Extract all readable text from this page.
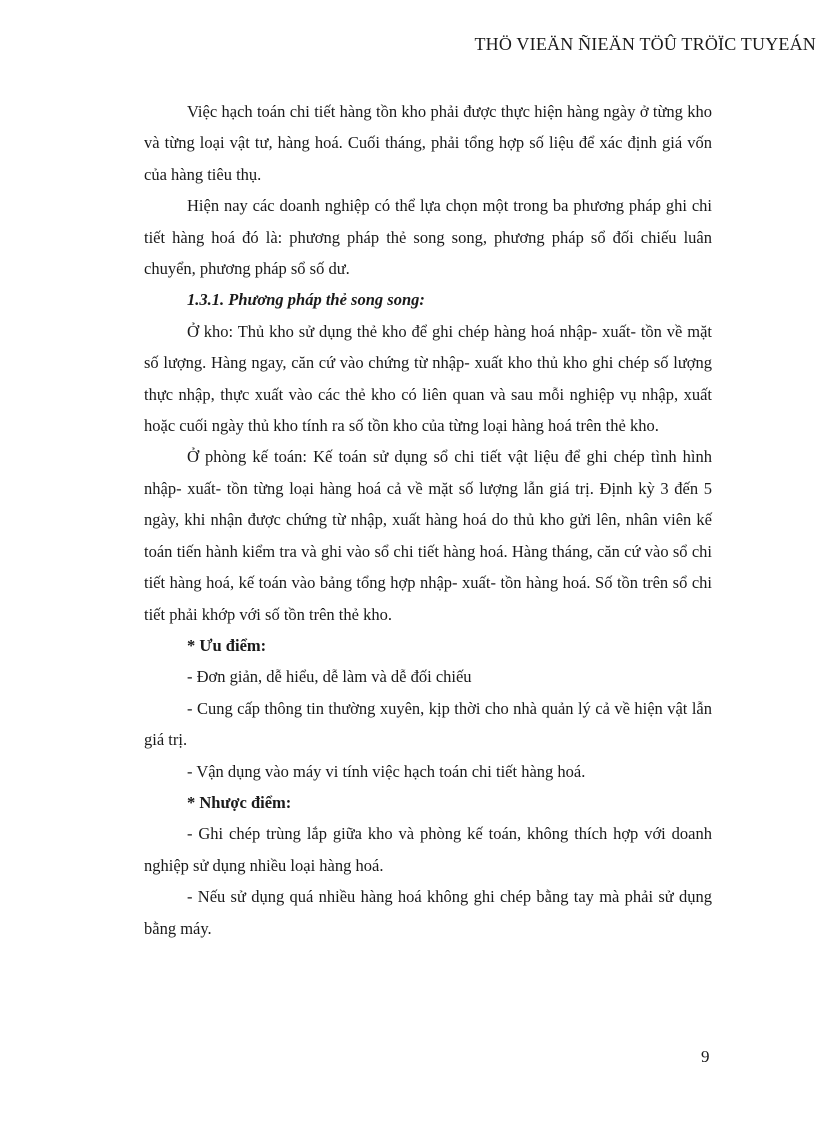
THÖ VIEÄN ÑIEÄN TÖÛ TRÖÏC TUYEÁN

Việc hạch toán chi tiết hàng tồn kho phải được thực hiện hàng ngày ở từng kho và từng loại vật tư, hàng hoá. Cuối tháng, phải tổng hợp số liệu để xác định giá vốn của hàng tiêu thụ.

Hiện nay các doanh nghiệp có thể lựa chọn một trong ba phương pháp ghi chi tiết hàng hoá đó là: phương pháp thẻ song song, phương pháp sổ đối chiếu luân chuyển, phương pháp sổ số dư.

1.3.1. Phương pháp thẻ song song:

Ở kho: Thủ kho sử dụng thẻ kho để ghi chép hàng hoá nhập- xuất- tồn về mặt số lượng. Hàng ngay, căn cứ vào chứng từ nhập- xuất kho thủ kho ghi chép số lượng thực nhập, thực xuất vào các thẻ kho có liên quan và sau mỗi nghiệp vụ nhập, xuất hoặc cuối ngày thủ kho tính ra số tồn kho của từng loại hàng hoá trên thẻ kho.

Ở phòng kế toán: Kế toán sử dụng sổ chi tiết vật liệu để ghi chép tình hình nhập- xuất- tồn từng loại hàng hoá cả về mặt số lượng lẫn giá trị. Định kỳ 3 đến 5 ngày, khi nhận được chứng từ nhập, xuất hàng hoá do thủ kho gửi lên, nhân viên kế toán tiến hành kiểm tra và ghi vào sổ chi tiết hàng hoá. Hàng tháng, căn cứ vào sổ chi tiết hàng hoá, kế toán vào bảng tổng hợp nhập- xuất- tồn hàng hoá. Số tồn trên sổ chi tiết phải khớp với số tồn trên thẻ kho.

* Ưu điểm:

- Đơn giản, dễ hiểu, dễ làm và dễ đối chiếu

- Cung cấp thông tin thường xuyên, kịp thời cho nhà quản lý cả về hiện vật lẫn giá trị.

- Vận dụng vào máy vi tính việc hạch toán chi tiết hàng hoá.

* Nhược điểm:

- Ghi chép trùng lắp giữa kho và phòng kế toán, không thích hợp với doanh nghiệp sử dụng nhiều loại hàng hoá.

- Nếu sử dụng quá nhiều hàng hoá không ghi chép bằng tay mà phải sử dụng bằng máy.

9
